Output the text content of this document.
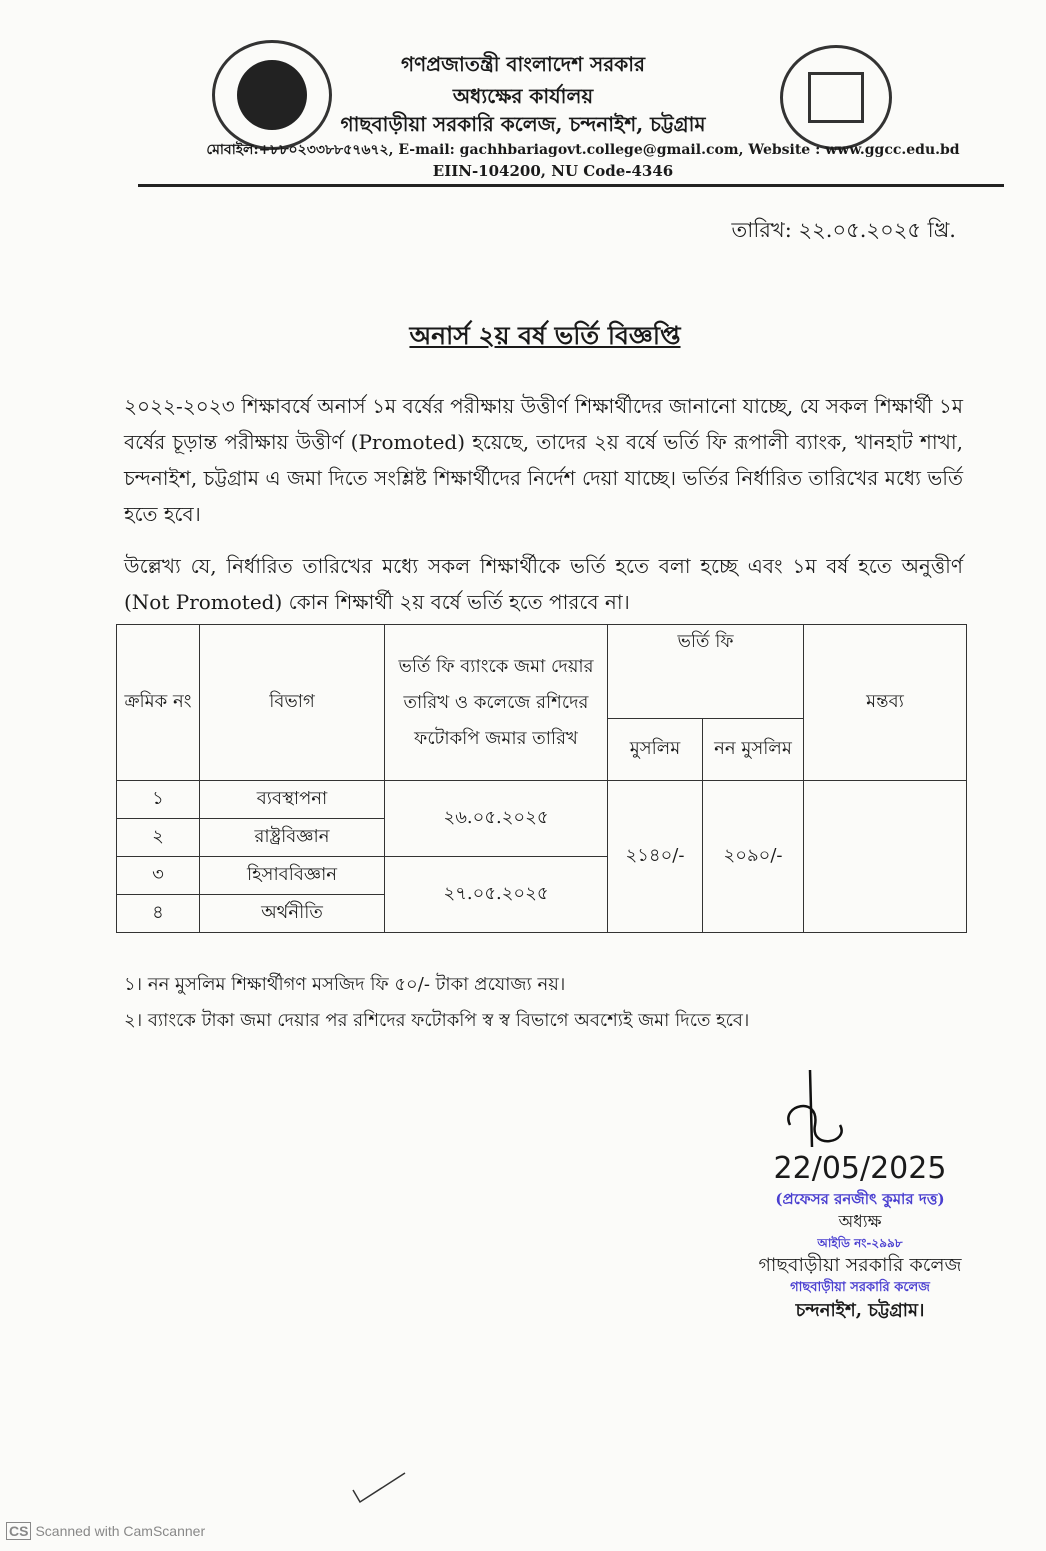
গণপ্রজাতন্ত্রী বাংলাদেশ সরকার
অধ্যক্ষের কার্যালয়
গাছবাড়ীয়া সরকারি কলেজ, চন্দনাইশ, চট্টগ্রাম
মোবাইল:+৮৮০২৩৩৮৮৫৭৬৭২, E-mail: gachhbariagovt.college@gmail.com, Website : www.ggcc.edu.bd
EIIN-104200, NU Code-4346
তারিখ: ২২.০৫.২০২৫ খ্রি.
অনার্স ২য় বর্ষ ভর্তি বিজ্ঞপ্তি
২০২২-২০২৩ শিক্ষাবর্ষে অনার্স ১ম বর্ষের পরীক্ষায় উত্তীর্ণ শিক্ষার্থীদের জানানো যাচ্ছে, যে সকল শিক্ষার্থী ১ম বর্ষের চূড়ান্ত পরীক্ষায় উত্তীর্ণ (Promoted) হয়েছে, তাদের ২য় বর্ষে ভর্তি ফি রূপালী ব্যাংক, খানহাট শাখা, চন্দনাইশ, চট্টগ্রাম এ জমা দিতে সংশ্লিষ্ট শিক্ষার্থীদের নির্দেশ দেয়া যাচ্ছে। ভর্তির নির্ধারিত তারিখের মধ্যে ভর্তি হতে হবে।
উল্লেখ্য যে, নির্ধারিত তারিখের মধ্যে সকল শিক্ষার্থীকে ভর্তি হতে বলা হচ্ছে এবং ১ম বর্ষ হতে অনুত্তীর্ণ (Not Promoted) কোন শিক্ষার্থী ২য় বর্ষে ভর্তি হতে পারবে না।
ক্রমিক নং	বিভাগ	ভর্তি ফি ব্যাংকে জমা দেয়ার তারিখ ও কলেজে রশিদের ফটোকপি জমার তারিখ	ভর্তি ফি		মন্তব্য
			মুসলিম	নন মুসলিম	
১	ব্যবস্থাপনা	২৬.০৫.২০২৫	২১৪০/-	২০৯০/-	
২	রাষ্ট্রবিজ্ঞান				
৩	হিসাববিজ্ঞান	২৭.০৫.২০২৫			
৪	অর্থনীতি				
১। নন মুসলিম শিক্ষার্থীগণ মসজিদ ফি ৫০/- টাকা প্রযোজ্য নয়।
২। ব্যাংকে টাকা জমা দেয়ার পর রশিদের ফটোকপি স্ব স্ব বিভাগে অবশ্যেই জমা দিতে হবে।
22/05/2025
(প্রফেসর রনজীৎ কুমার দত্ত)
অধ্যক্ষ
আইডি নং-২৯৯৮
গাছবাড়ীয়া সরকারি কলেজ
গাছবাড়ীয়া সরকারি কলেজ
চন্দনাইশ, চট্টগ্রাম।
CS Scanned with CamScanner
